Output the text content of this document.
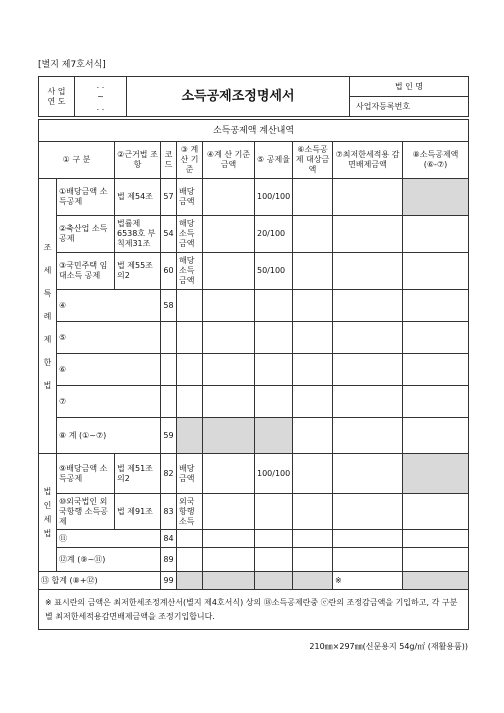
[별지 제7호서식]
사 업
연 도	. .
~
. .	소득공제조정명세서	법 인 명
사업자등록번호
소득공제액 계산내역									
① 구 분		②근거법 조항	코 드	③ 계산 기준	④계 산 기준금액	⑤ 공제율	⑥소득공제 대상금액	⑦최저한세적용 감면배제금액	⑧소득공제액 (⑥-⑦)

조 세 특 례 제 한 법	①배당금액 소득공제	법 제54조	57	배당 금액		100/100			
	②축산업 소득공제	법률제6538호 부칙제31조	54	해당 소득 금액		20/100			
	③국민주택 임대소득 공제	법 제55조의2	60	해당 소득 금액		50/100			
	④		58						
	⑤								
	⑥								
	⑦								
	⑧ 계 (①~⑦)		59						

법 인 세 법	⑨배당금액 소득공제	법 제51조의2	82	배당 금액		100/100			
	⑩외국법인 외국항행 소득공제	법 제91조	83	외국 항행 소득					
	⑪		84						
	⑫계 (⑨~⑪)		89						
⑬ 합계 (⑧+⑫)			99					※	
※ 표시란의 금액은 최저한세조정계산서(별지 제4호서식) 상의 ⑱소득공제란중 ⓔ란의 조정감금액을 기입하고, 각 구분별 최저한세적용감면배제금액을 조정기입합니다.									
210㎜×297㎜(신문용지 54g/㎡ (재활용품))
